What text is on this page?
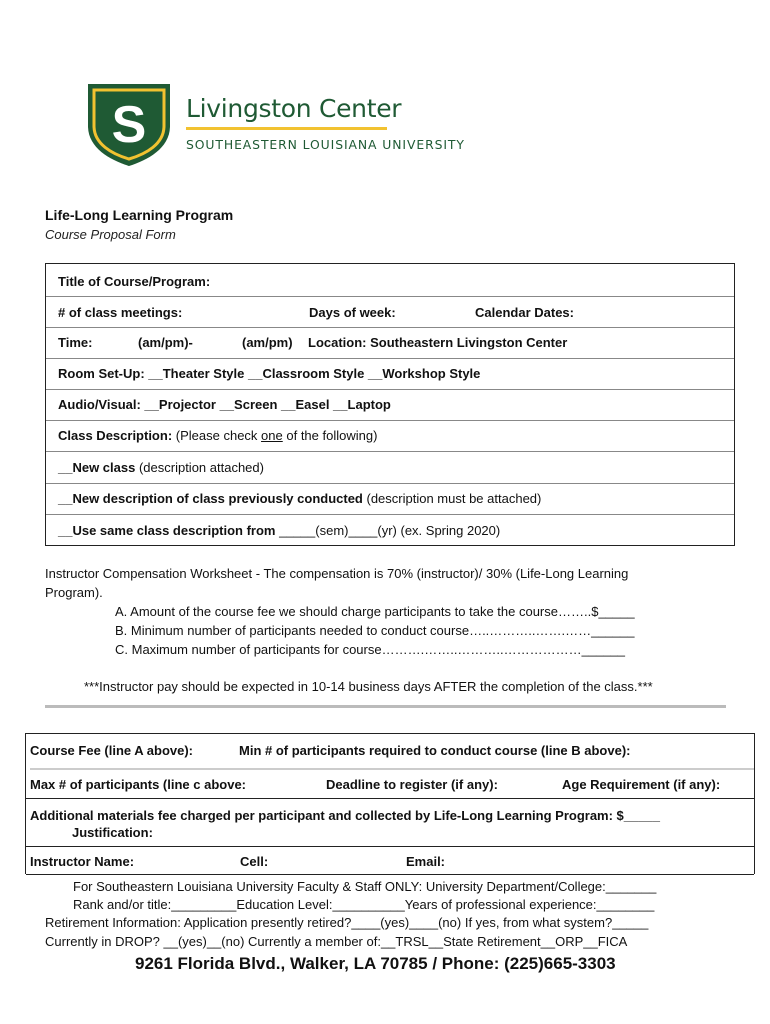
S Livingston Center
SOUTHEASTERN LOUISIANA UNIVERSITY
Life-Long Learning Program
Course Proposal Form
Title of Course/Program:
# of class meetings:	Days of week:	Calendar Dates:
Time:	(am/pm)-	(am/pm) Location: Southeastern Livingston Center
Room Set-Up: __Theater Style __Classroom Style __Workshop Style
Audio/Visual: __Projector __Screen __Easel __Laptop
Class Description: (Please check one of the following)
__New class (description attached)
__New description of class previously conducted (description must be attached)
__Use same class description from _____(sem)____(yr) (ex. Spring 2020)
Instructor Compensation Worksheet - The compensation is 70% (instructor)/ 30% (Life-Long Learning
Program).
A. Amount of the course fee we should charge participants to take the course……..$_____
B. Minimum number of participants needed to conduct course…..………..…….……______
C. Maximum number of participants for course……….……..………..………………______
***Instructor pay should be expected in 10-14 business days AFTER the completion of the class.***
Course Fee (line A above):	Min # of participants required to conduct course (line B above):
Max # of participants (line c above:	Deadline to register (if any):	Age Requirement (if any):
Additional materials fee charged per participant and collected by Life-Long Learning Program: $_____
Justification:
Instructor Name:	Cell:	Email:
For Southeastern Louisiana University Faculty & Staff ONLY: University Department/College:_______
Rank and/or title:_________Education Level:__________Years of professional experience:________
Retirement Information: Application presently retired?____(yes)____(no) If yes, from what system?_____
Currently in DROP? __(yes)__(no) Currently a member of:__TRSL__State Retirement__ORP__FICA
9261 Florida Blvd., Walker, LA 70785 / Phone: (225)665-3303
